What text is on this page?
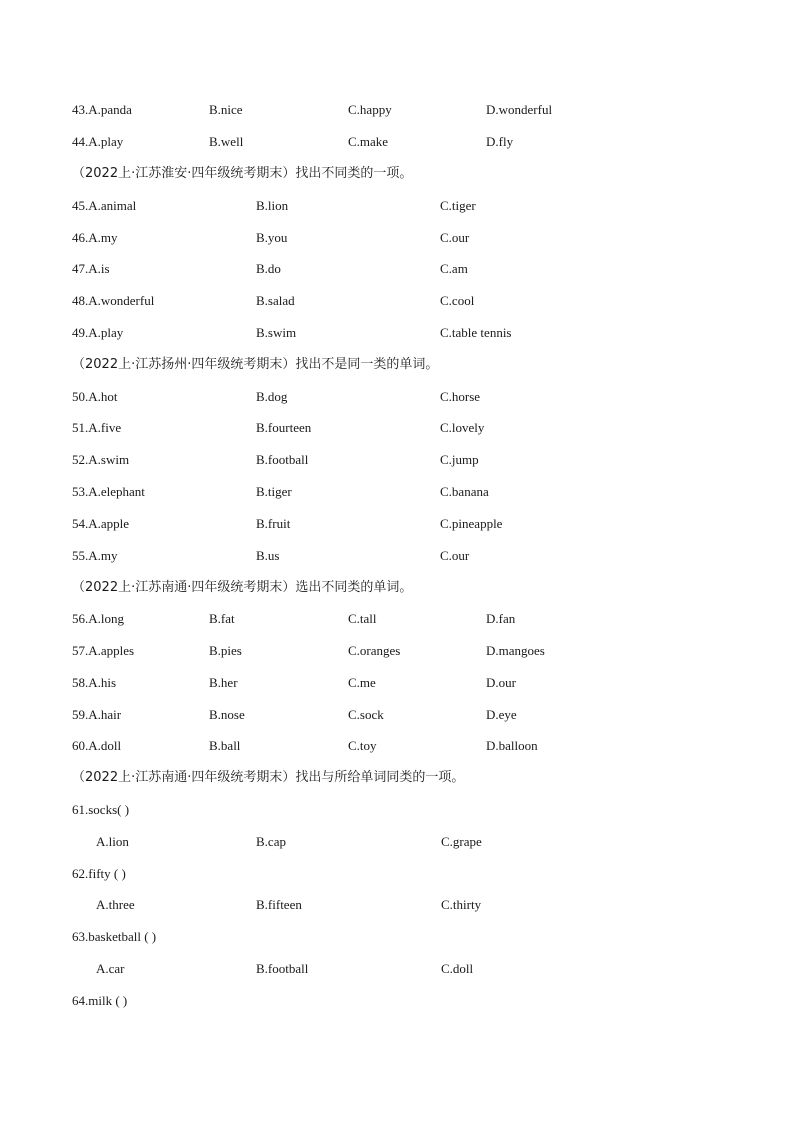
43.A.panda	B.nice	C.happy	D.wonderful
44.A.play	B.well	C.make	D.fly
（2022上·江苏淮安·四年级统考期末）找出不同类的一项。
45.A.animal	B.lion	C.tiger
46.A.my	B.you	C.our
47.A.is	B.do	C.am
48.A.wonderful	B.salad	C.cool
49.A.play	B.swim	C.table tennis
（2022上·江苏扬州·四年级统考期末）找出不是同一类的单词。
50.A.hot	B.dog	C.horse
51.A.five	B.fourteen	C.lovely
52.A.swim	B.football	C.jump
53.A.elephant	B.tiger	C.banana
54.A.apple	B.fruit	C.pineapple
55.A.my	B.us	C.our
（2022上·江苏南通·四年级统考期末）选出不同类的单词。
56.A.long	B.fat	C.tall	D.fan
57.A.apples	B.pies	C.oranges	D.mangoes
58.A.his	B.her	C.me	D.our
59.A.hair	B.nose	C.sock	D.eye
60.A.doll	B.ball	C.toy	D.balloon
（2022上·江苏南通·四年级统考期末）找出与所给单词同类的一项。
61.socks( )
A.lion	B.cap	C.grape
62.fifty ( )
A.three	B.fifteen	C.thirty
63.basketball ( )
A.car	B.football	C.doll
64.milk ( )
